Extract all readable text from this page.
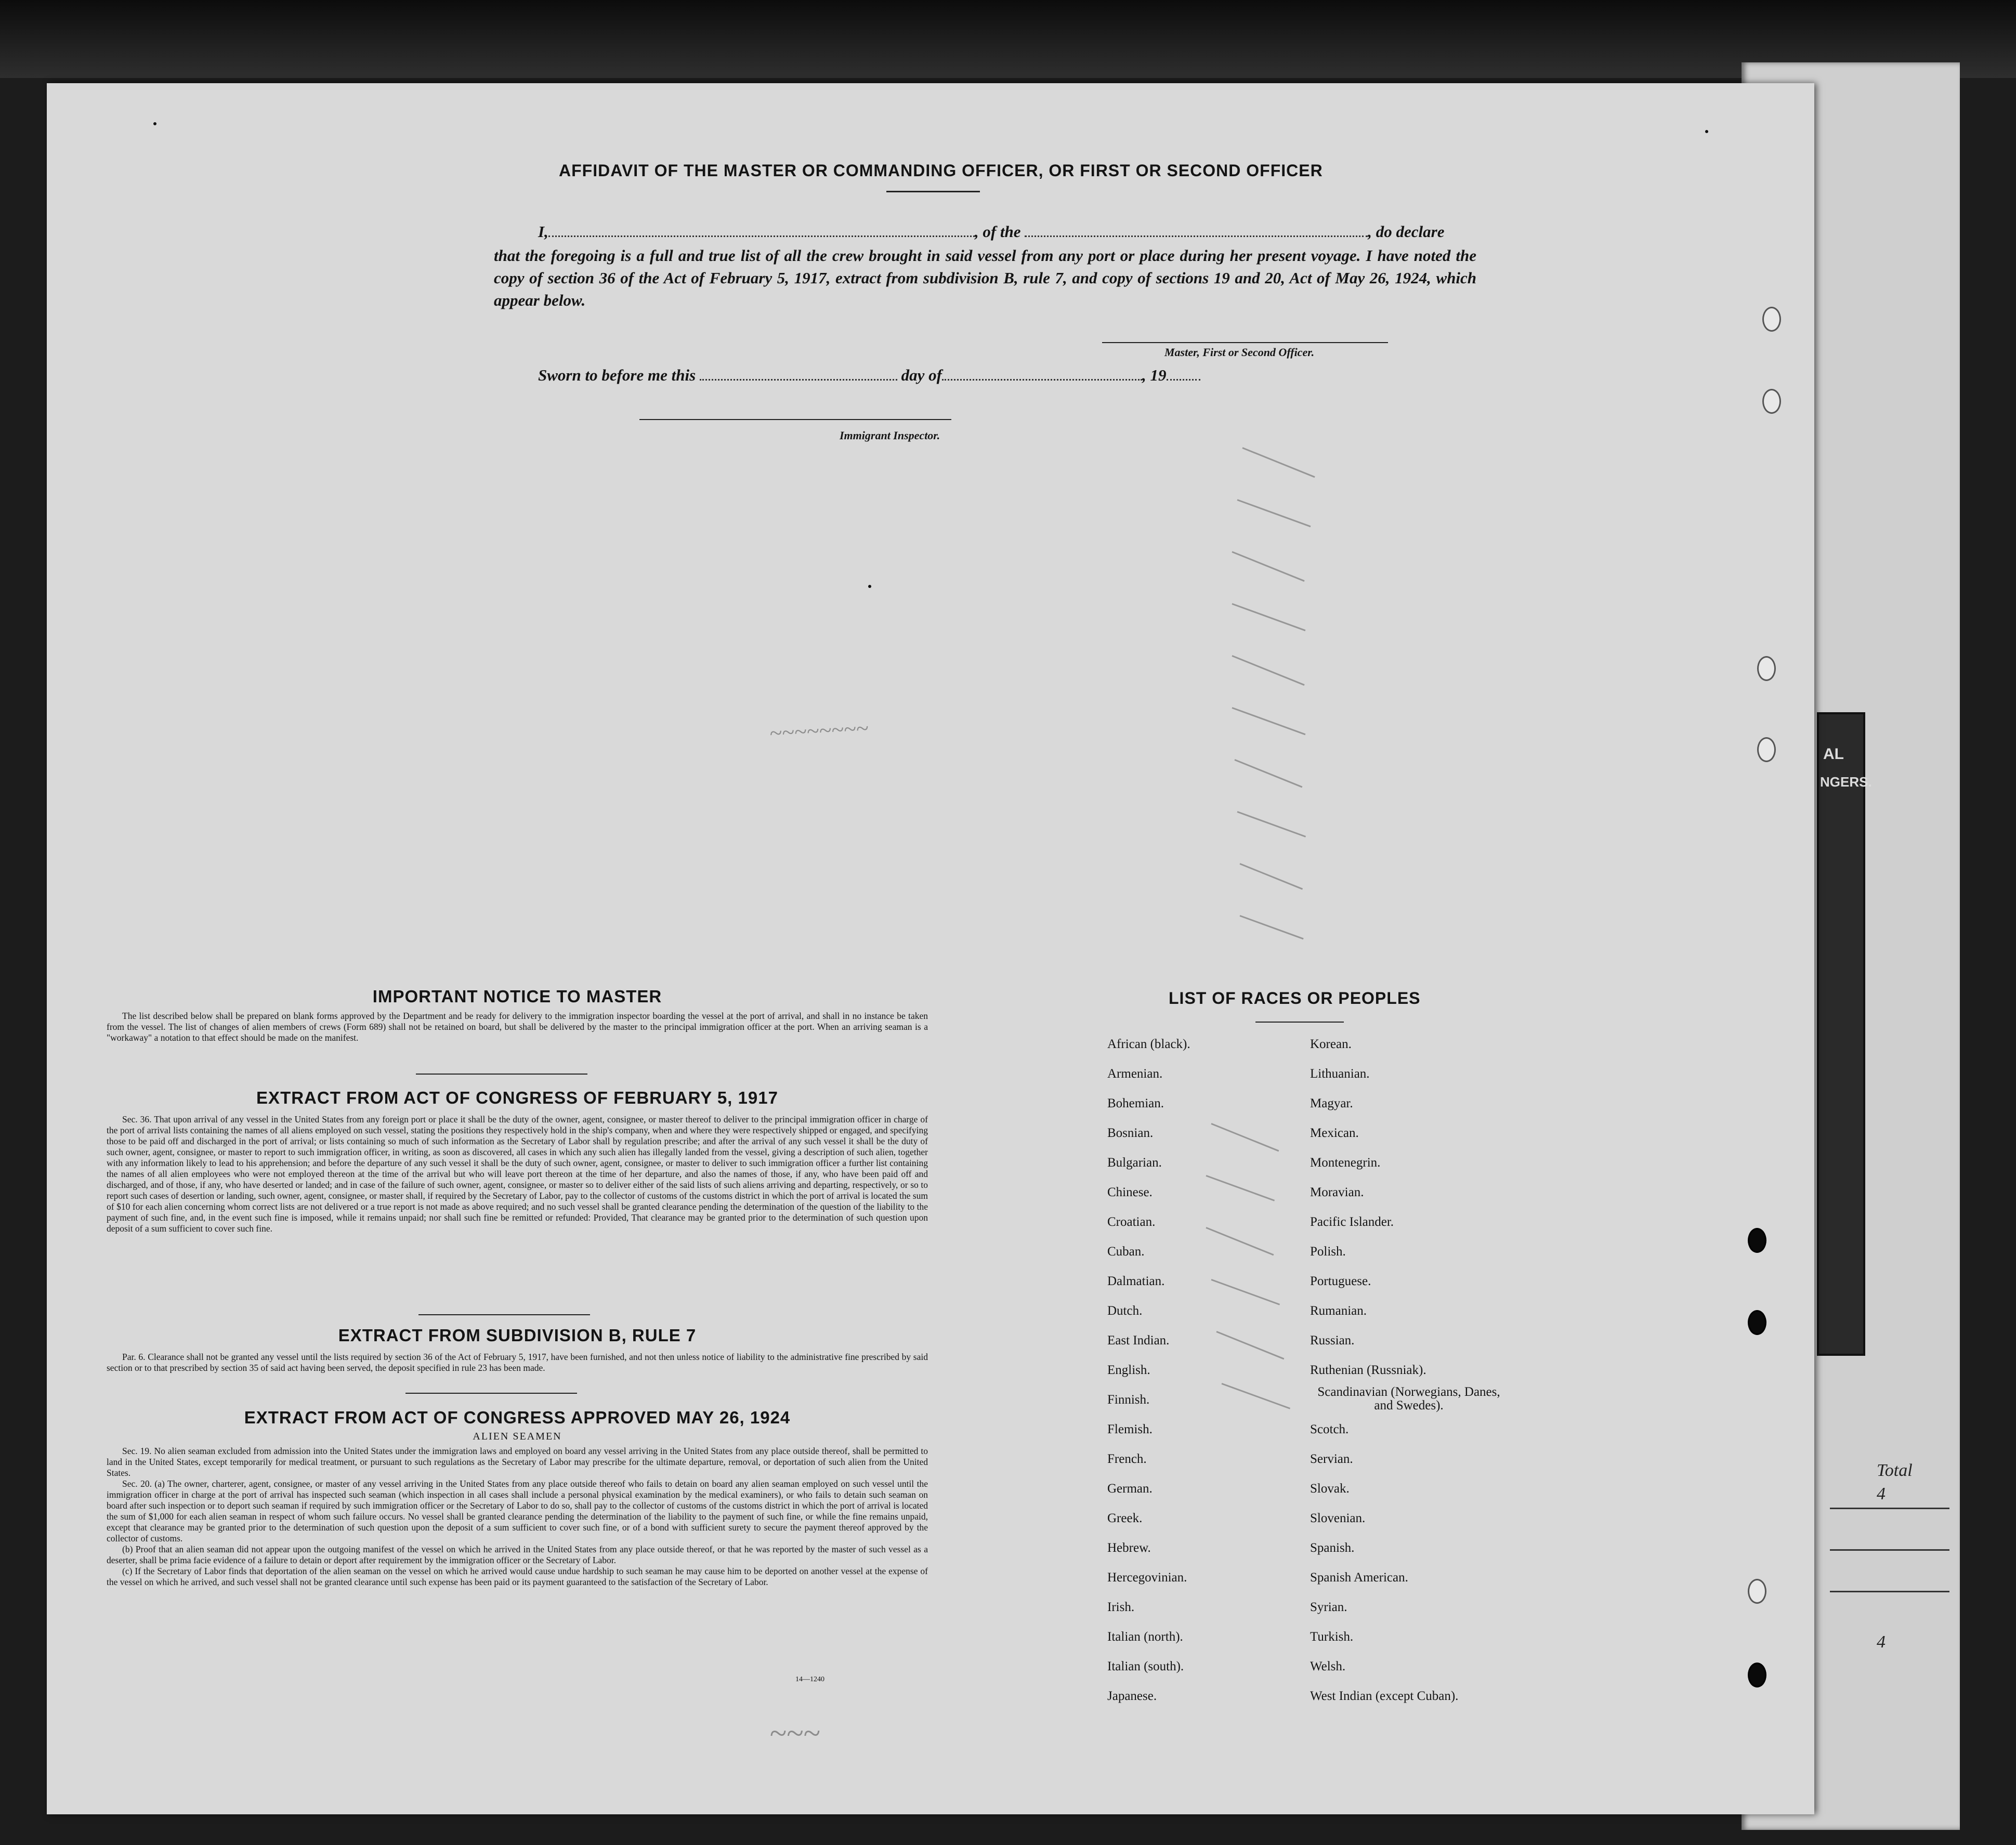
AL
NGERS.
Total
4
4
AFFIDAVIT OF THE MASTER OR COMMANDING OFFICER, OR FIRST OR SECOND OFFICER
I,	, of the	, do declare
that the foregoing is a full and true list of all the crew brought in said vessel from any port or place during her present voyage. I have noted the copy of section 36 of the Act of February 5, 1917, extract from subdivision B, rule 7, and copy of sections 19 and 20, Act of May 26, 1924, which appear below.
Master, First or Second Officer.
Sworn to before me this	day of	, 19
Immigrant Inspector.
IMPORTANT NOTICE TO MASTER

The list described below shall be prepared on blank forms approved by the Department and be ready for delivery to the immigration inspector boarding the vessel at the port of arrival, and shall in no instance be taken from the vessel. The list of changes of alien members of crews (Form 689) shall not be retained on board, but shall be delivered by the master to the principal immigration officer at the port. When an arriving seaman is a "workaway" a notation to that effect should be made on the manifest.

EXTRACT FROM ACT OF CONGRESS OF FEBRUARY 5, 1917

Sec. 36. That upon arrival of any vessel in the United States from any foreign port or place it shall be the duty of the owner, agent, consignee, or master thereof to deliver to the principal immigration officer in charge of the port of arrival lists containing the names of all aliens employed on such vessel, stating the positions they respectively hold in the ship's company, when and where they were respectively shipped or engaged, and specifying those to be paid off and discharged in the port of arrival; or lists containing so much of such information as the Secretary of Labor shall by regulation prescribe; and after the arrival of any such vessel it shall be the duty of such owner, agent, consignee, or master to report to such immigration officer, in writing, as soon as discovered, all cases in which any such alien has illegally landed from the vessel, giving a description of such alien, together with any information likely to lead to his apprehension; and before the departure of any such vessel it shall be the duty of such owner, agent, consignee, or master to deliver to such immigration officer a further list containing the names of all alien employees who were not employed thereon at the time of the arrival but who will leave port thereon at the time of her departure, and also the names of those, if any, who have been paid off and discharged, and of those, if any, who have deserted or landed; and in case of the failure of such owner, agent, consignee, or master so to deliver either of the said lists of such aliens arriving and departing, respectively, or so to report such cases of desertion or landing, such owner, agent, consignee, or master shall, if required by the Secretary of Labor, pay to the collector of customs of the customs district in which the port of arrival is located the sum of $10 for each alien concerning whom correct lists are not delivered or a true report is not made as above required; and no such vessel shall be granted clearance pending the determination of the question of the liability to the payment of such fine, and, in the event such fine is imposed, while it remains unpaid; nor shall such fine be remitted or refunded: Provided, That clearance may be granted prior to the determination of such question upon deposit of a sum sufficient to cover such fine.

EXTRACT FROM SUBDIVISION B, RULE 7

Par. 6. Clearance shall not be granted any vessel until the lists required by section 36 of the Act of February 5, 1917, have been furnished, and not then unless notice of liability to the administrative fine prescribed by said section or to that prescribed by section 35 of said act having been served, the deposit specified in rule 23 has been made.

EXTRACT FROM ACT OF CONGRESS APPROVED MAY 26, 1924
ALIEN SEAMEN

Sec. 19. No alien seaman excluded from admission into the United States under the immigration laws and employed on board any vessel arriving in the United States from any place outside thereof, shall be permitted to land in the United States, except temporarily for medical treatment, or pursuant to such regulations as the Secretary of Labor may prescribe for the ultimate departure, removal, or deportation of such alien from the United States.

Sec. 20. (a) The owner, charterer, agent, consignee, or master of any vessel arriving in the United States from any place outside thereof who fails to detain on board any alien seaman employed on such vessel until the immigration officer in charge at the port of arrival has inspected such seaman (which inspection in all cases shall include a personal physical examination by the medical examiners), or who fails to detain such seaman on board after such inspection or to deport such seaman if required by such immigration officer or the Secretary of Labor to do so, shall pay to the collector of customs of the customs district in which the port of arrival is located the sum of $1,000 for each alien seaman in respect of whom such failure occurs. No vessel shall be granted clearance pending the determination of the liability to the payment of such fine, or while the fine remains unpaid, except that clearance may be granted prior to the determination of such question upon the deposit of a sum sufficient to cover such fine, or of a bond with sufficient surety to secure the payment thereof approved by the collector of customs.

(b) Proof that an alien seaman did not appear upon the outgoing manifest of the vessel on which he arrived in the United States from any place outside thereof, or that he was reported by the master of such vessel as a deserter, shall be prima facie evidence of a failure to detain or deport after requirement by the immigration officer or the Secretary of Labor.

(c) If the Secretary of Labor finds that deportation of the alien seaman on the vessel on which he arrived would cause undue hardship to such seaman he may cause him to be deported on another vessel at the expense of the vessel on which he arrived, and such vessel shall not be granted clearance until such expense has been paid or its payment guaranteed to the satisfaction of the Secretary of Labor.

14—1240
LIST OF RACES OR PEOPLES
African (black).
Armenian.
Bohemian.
Bosnian.
Bulgarian.
Chinese.
Croatian.
Cuban.
Dalmatian.
Dutch.
East Indian.
English.
Finnish.
Flemish.
French.
German.
Greek.
Hebrew.
Hercegovinian.
Irish.
Italian (north).
Italian (south).
Japanese.
Korean.
Lithuanian.
Magyar.
Mexican.
Montenegrin.
Moravian.
Pacific Islander.
Polish.
Portuguese.
Rumanian.
Russian.
Ruthenian (Russniak).
Scandinavian (Norwegians, Danes, and Swedes).
Scotch.
Servian.
Slovak.
Slovenian.
Spanish.
Spanish American.
Syrian.
Turkish.
Welsh.
West Indian (except Cuban).
~~~~~~~~
~~~
